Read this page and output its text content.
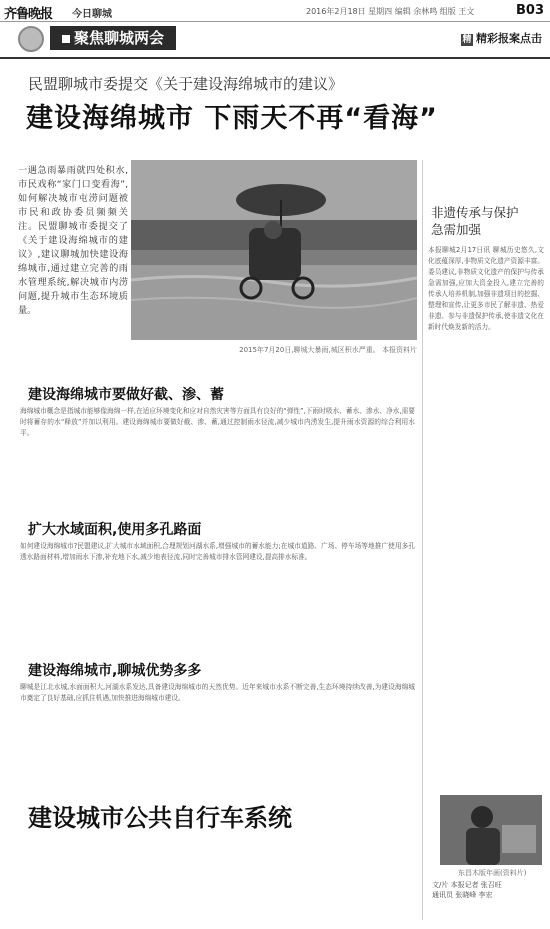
齐鲁晚报 今日聊城	2016年2月18日 星期四 编辑 余林鸣 组版 王文	B03
聚焦聊城两会	精 精彩报案点击
民盟聊城市委提交《关于建设海绵城市的建议》
建设海绵城市 下雨天不再“看海”
一遇急雨暴雨就四处积水,市民戏称“家门口变看海”,如何解决城市屯涝问题被市民和政协委员频频关注。民盟聊城市委提交了《关于建设海绵城市的建议》,建议聊城加快建设海绵城市,通过建立完善的雨水管理系统,解决城市内涝问题,提升城市生态环境质量。
2015年7月20日,聊城大暴雨,城区积水严重。 本报资料片
建设海绵城市要做好截、渗、蓄
海绵城市概念是指城市能够像海绵一样,在适应环境变化和应对自然灾害等方面具有良好的“弹性”,下雨时吸水、蓄水、渗水、净水,需要时将蓄存的水“释放”并加以利用。建设海绵城市要做好截、渗、蓄,通过控制雨水径流,减少城市内涝发生,提升雨水资源的综合利用水平。
扩大水域面积,使用多孔路面
如何建设海绵城市?民盟建议,扩大城市水域面积,合理规划河湖水系,增强城市的蓄水能力;在城市道路、广场、停车场等地推广使用多孔透水路面材料,增加雨水下渗,补充地下水,减少地表径流,同时完善城市排水管网建设,提高排水标准。
建设海绵城市,聊城优势多多
聊城是江北水城,水面面积大,河湖水系发达,具备建设海绵城市的天然优势。近年来城市水系不断完善,生态环境持续改善,为建设海绵城市奠定了良好基础,应抓住机遇,加快推进海绵城市建设。
非遗传承与保护
急需加强
本报聊城2月17日讯 聊城历史悠久,文化底蕴深厚,非物质文化遗产资源丰富。委员建议,非物质文化遗产的保护与传承急需加强,应加大资金投入,建立完善的传承人培养机制,加强非遗项目的挖掘、整理和宣传,让更多市民了解非遗、热爱非遗、参与非遗保护传承,使非遗文化在新时代焕发新的活力。
东昌木版年画(资料片)
文/片 本报记者 张召旺
通讯员 张晓峰 李宏
建设城市公共自行车系统
